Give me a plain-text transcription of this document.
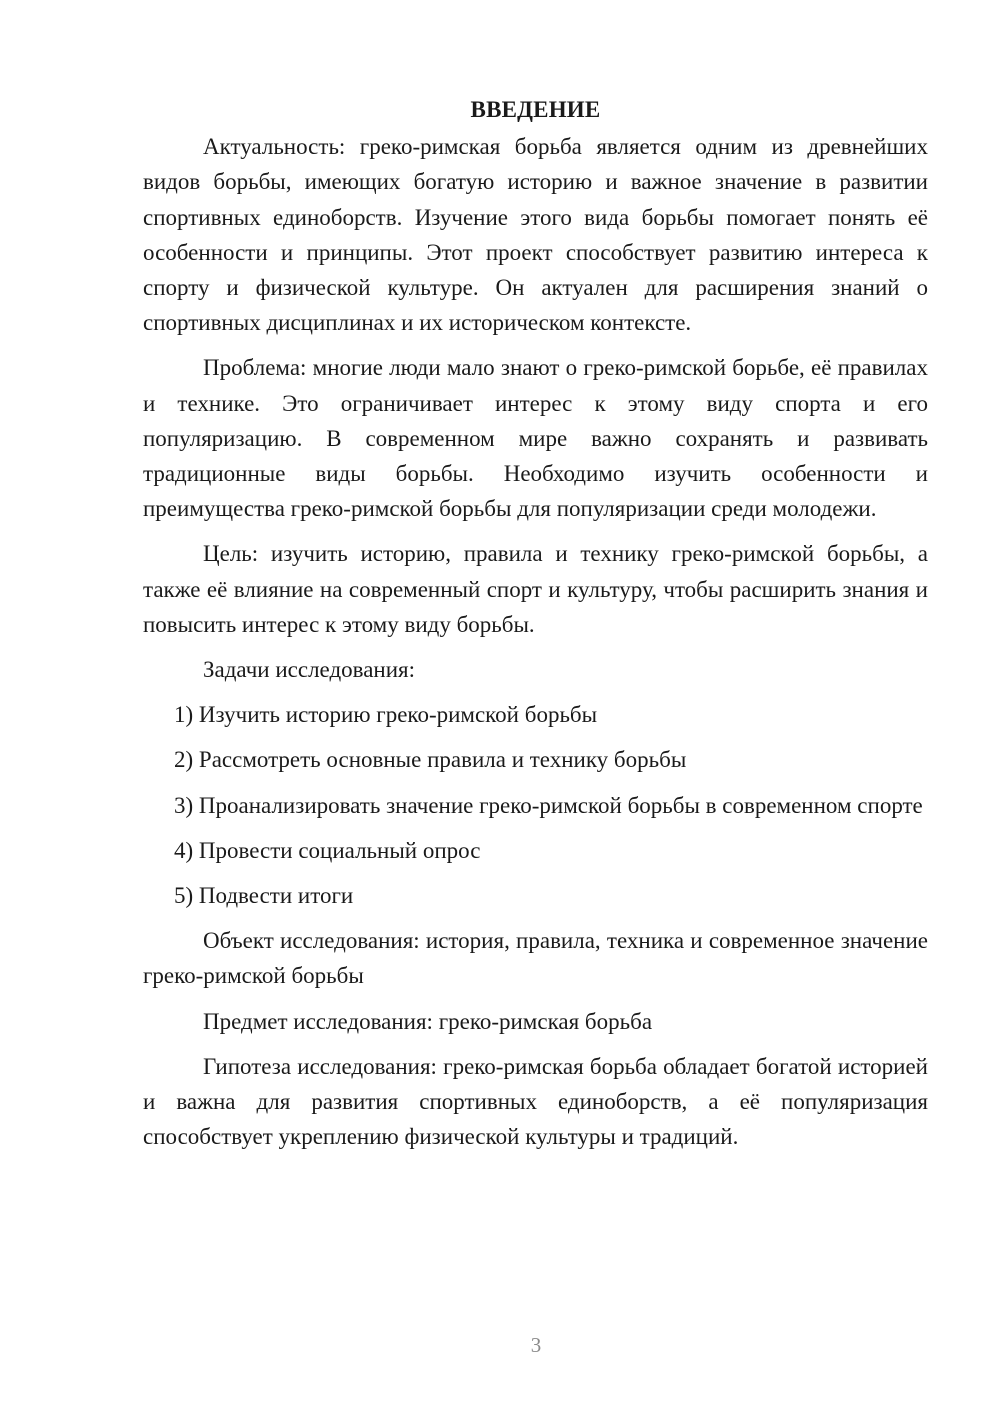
ВВЕДЕНИЕ

Актуальность: греко-римская борьба является одним из древнейших видов борьбы, имеющих богатую историю и важное значение в развитии спортивных единоборств. Изучение этого вида борьбы помогает понять её особенности и принципы. Этот проект способствует развитию интереса к спорту и физической культуре. Он актуален для расширения знаний о спортивных дисциплинах и их историческом контексте.

Проблема: многие люди мало знают о греко-римской борьбе, её правилах и технике. Это ограничивает интерес к этому виду спорта и его популяризацию. В современном мире важно сохранять и развивать традиционные виды борьбы. Необходимо изучить особенности и преимущества греко-римской борьбы для популяризации среди молодежи.

Цель: изучить историю, правила и технику греко-римской борьбы, а также её влияние на современный спорт и культуру, чтобы расширить знания и повысить интерес к этому виду борьбы.

Задачи исследования:

1) Изучить историю греко-римской борьбы

2) Рассмотреть основные правила и технику борьбы

3) Проанализировать значение греко-римской борьбы в современном спорте

4) Провести социальный опрос

5) Подвести итоги

Объект исследования: история, правила, техника и современное значение греко-римской борьбы

Предмет исследования: греко-римская борьба

Гипотеза исследования: греко-римская борьба обладает богатой историей и важна для развития спортивных единоборств, а её популяризация способствует укреплению физической культуры и традиций.

3
